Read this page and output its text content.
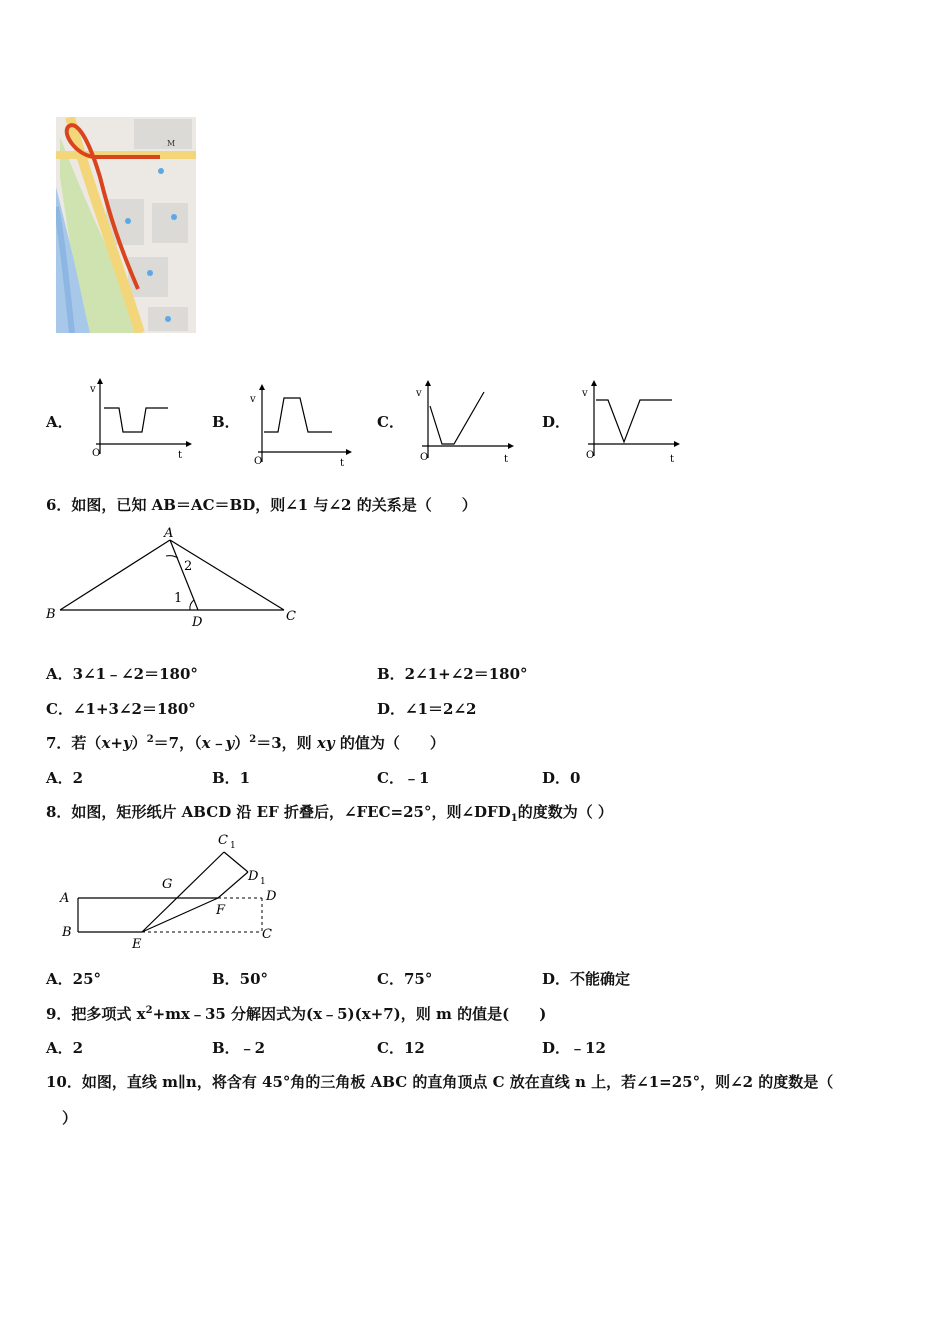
M
A．
v
O	t
B．
v
O	t
C．
v
O	t
D．
v
O	t
6．如图，已知 AB＝AC＝BD，则∠1 与∠2 的关系是（　　）
A
B	C
D
1
2
A．3∠1﹣∠2＝180°	B．2∠1+∠2＝180°
C．∠1+3∠2＝180°	D．∠1＝2∠2
7．若$(x+y)^2=7$，（x﹣y）$^2$＝3，则 xy 的值为（　　）
A．2	B．1	C．﹣1	D．0
8．如图，矩形纸片 ABCD 沿 EF 折叠后，∠FEC=25°，则$\angle DFD_1$的度数为（ ）
A
B	C
D
E
F
G
C 1
D 1
A．25°	B．50°	C．75°	D．不能确定
9．把多项式 $x^2+mx﹣35$ 分解因式为(x﹣5)(x+7)，则 m 的值是(　　)
A．2	B．﹣2	C．12	D．﹣12
10．如图，直线 m∥n，将含有 45°角的三角板 ABC 的直角顶点 C 放在直线 n 上，若∠1=25°，则∠2 的度数是（
）
